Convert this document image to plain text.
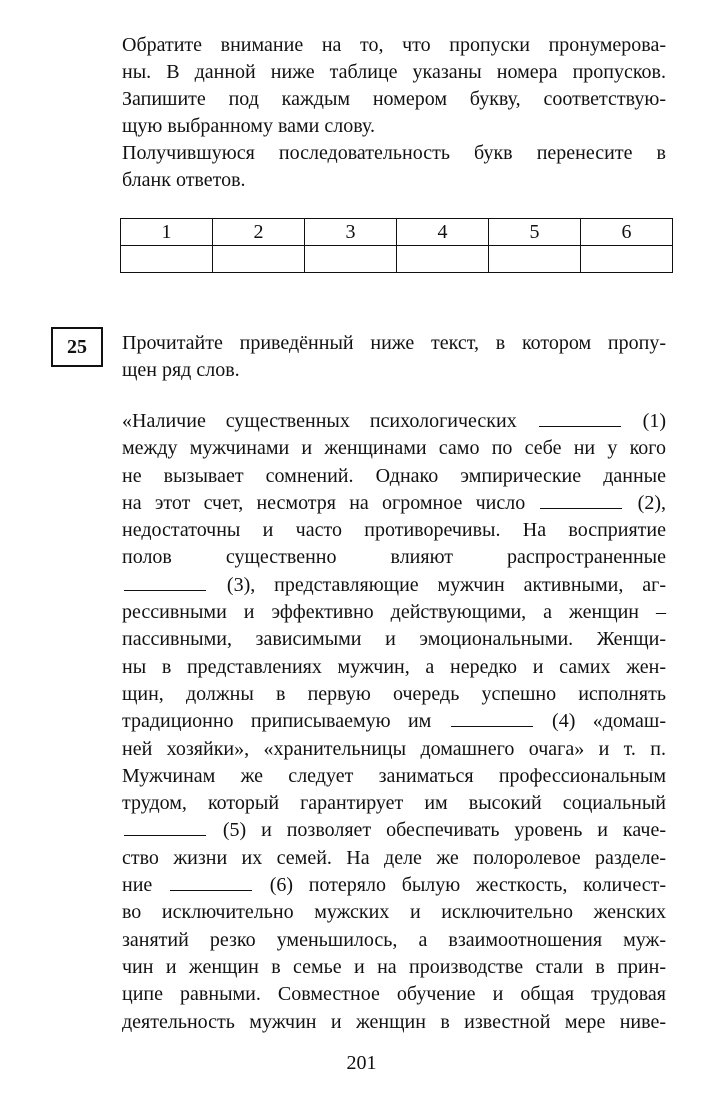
Обратите внимание на то, что пропуски пронумерова-

ны. В данной ниже таблице указаны номера пропусков.

Запишите под каждым номером букву, соответствую-

щую выбранному вами слову.

Получившуюся последовательность букв перенесите в

бланк ответов.

1	2	3	4	5	6

25	Прочитайте приведённый ниже текст, в котором пропу-

щен ряд слов.

«Наличие существенных психологических	(1)
между мужчинами и женщинами само по себе ни у кого
не вызывает сомнений. Однако эмпирические данные
на этот счет, несмотря на огромное число	(2),
недостаточны и часто противоречивы. На восприятие
полов существенно влияют распространенные
(3), представляющие мужчин активными, аг-
рессивными и эффективно действующими, а женщин –
пассивными, зависимыми и эмоциональными. Женщи-
ны в представлениях мужчин, а нередко и самих жен-
щин, должны в первую очередь успешно исполнять
традиционно приписываемую им	(4) «домаш-
ней хозяйки», «хранительницы домашнего очага» и т. п.
Мужчинам же следует заниматься профессиональным
трудом, который гарантирует им высокий социальный
(5) и позволяет обеспечивать уровень и каче-
ство жизни их семей. На деле же полоролевое разделе-
ние	(6) потеряло былую жесткость, количест-
во исключительно мужских и исключительно женских
занятий резко уменьшилось, а взаимоотношения муж-
чин и женщин в семье и на производстве стали в прин-
ципе равными. Совместное обучение и общая трудовая
деятельность мужчин и женщин в известной мере ниве-
201
